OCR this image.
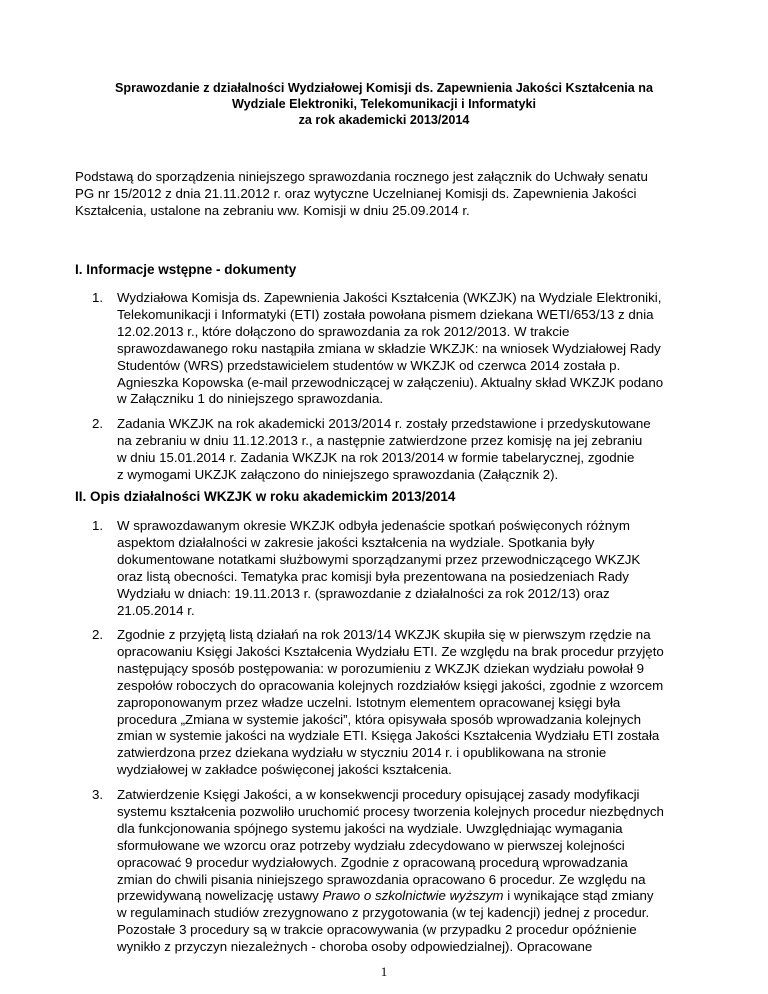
Sprawozdanie z działalności Wydziałowej Komisji ds. Zapewnienia Jakości Kształcenia na
Wydziale Elektroniki, Telekomunikacji i Informatyki
za rok akademicki 2013/2014
Podstawą do sporządzenia niniejszego sprawozdania rocznego jest załącznik do Uchwały senatu
PG nr 15/2012 z dnia 21.11.2012 r. oraz wytyczne Uczelnianej Komisji ds. Zapewnienia Jakości
Kształcenia, ustalone na zebraniu ww. Komisji w dniu 25.09.2014 r.
I. Informacje wstępne - dokumenty
1. Wydziałowa Komisja ds. Zapewnienia Jakości Kształcenia (WKZJK) na Wydziale Elektroniki,
Telekomunikacji i Informatyki (ETI) została powołana pismem dziekana WETI/653/13 z dnia
12.02.2013 r., które dołączono do sprawozdania za rok 2012/2013. W trakcie
sprawozdawanego roku nastąpiła zmiana w składzie WKZJK: na wniosek Wydziałowej Rady
Studentów (WRS) przedstawicielem studentów w WKZJK od czerwca 2014 została p.
Agnieszka Kopowska (e-mail przewodniczącej w załączeniu). Aktualny skład WKZJK podano
w Załączniku 1 do niniejszego sprawozdania.
2. Zadania WKZJK na rok akademicki 2013/2014 r. zostały przedstawione i przedyskutowane
na zebraniu w dniu 11.12.2013 r., a następnie zatwierdzone przez komisję na jej zebraniu
w dniu 15.01.2014 r. Zadania WKZJK na rok 2013/2014 w formie tabelarycznej, zgodnie
z wymogami UKZJK załączono do niniejszego sprawozdania (Załącznik 2).
II. Opis działalności WKZJK w roku akademickim 2013/2014
1. W sprawozdawanym okresie WKZJK odbyła jedenaście spotkań poświęconych różnym
aspektom działalności w zakresie jakości kształcenia na wydziale. Spotkania były
dokumentowane notatkami służbowymi sporządzanymi przez przewodniczącego WKZJK
oraz listą obecności. Tematyka prac komisji była prezentowana na posiedzeniach Rady
Wydziału w dniach: 19.11.2013 r. (sprawozdanie z działalności za rok 2012/13) oraz
21.05.2014 r.
2. Zgodnie z przyjętą listą działań na rok 2013/14 WKZJK skupiła się w pierwszym rzędzie na
opracowaniu Księgi Jakości Kształcenia Wydziału ETI. Ze względu na brak procedur przyjęto
następujący sposób postępowania: w porozumieniu z WKZJK dziekan wydziału powołał 9
zespołów roboczych do opracowania kolejnych rozdziałów księgi jakości, zgodnie z wzorcem
zaproponowanym przez władze uczelni. Istotnym elementem opracowanej księgi była
procedura „Zmiana w systemie jakości”, która opisywała sposób wprowadzania kolejnych
zmian w systemie jakości na wydziale ETI. Księga Jakości Kształcenia Wydziału ETI została
zatwierdzona przez dziekana wydziału w styczniu 2014 r. i opublikowana na stronie
wydziałowej w zakładce poświęconej jakości kształcenia.
3. Zatwierdzenie Księgi Jakości, a w konsekwencji procedury opisującej zasady modyfikacji
systemu kształcenia pozwoliło uruchomić procesy tworzenia kolejnych procedur niezbędnych
dla funkcjonowania spójnego systemu jakości na wydziale. Uwzględniając wymagania
sformułowane we wzorcu oraz potrzeby wydziału zdecydowano w pierwszej kolejności
opracować 9 procedur wydziałowych. Zgodnie z opracowaną procedurą wprowadzania
zmian do chwili pisania niniejszego sprawozdania opracowano 6 procedur. Ze względu na
przewidywaną nowelizację ustawy Prawo o szkolnictwie wyższym i wynikające stąd zmiany
w regulaminach studiów zrezygnowano z przygotowania (w tej kadencji) jednej z procedur.
Pozostałe 3 procedury są w trakcie opracowywania (w przypadku 2 procedur opóźnienie
wynikło z przyczyn niezależnych - choroba osoby odpowiedzialnej). Opracowane
1
